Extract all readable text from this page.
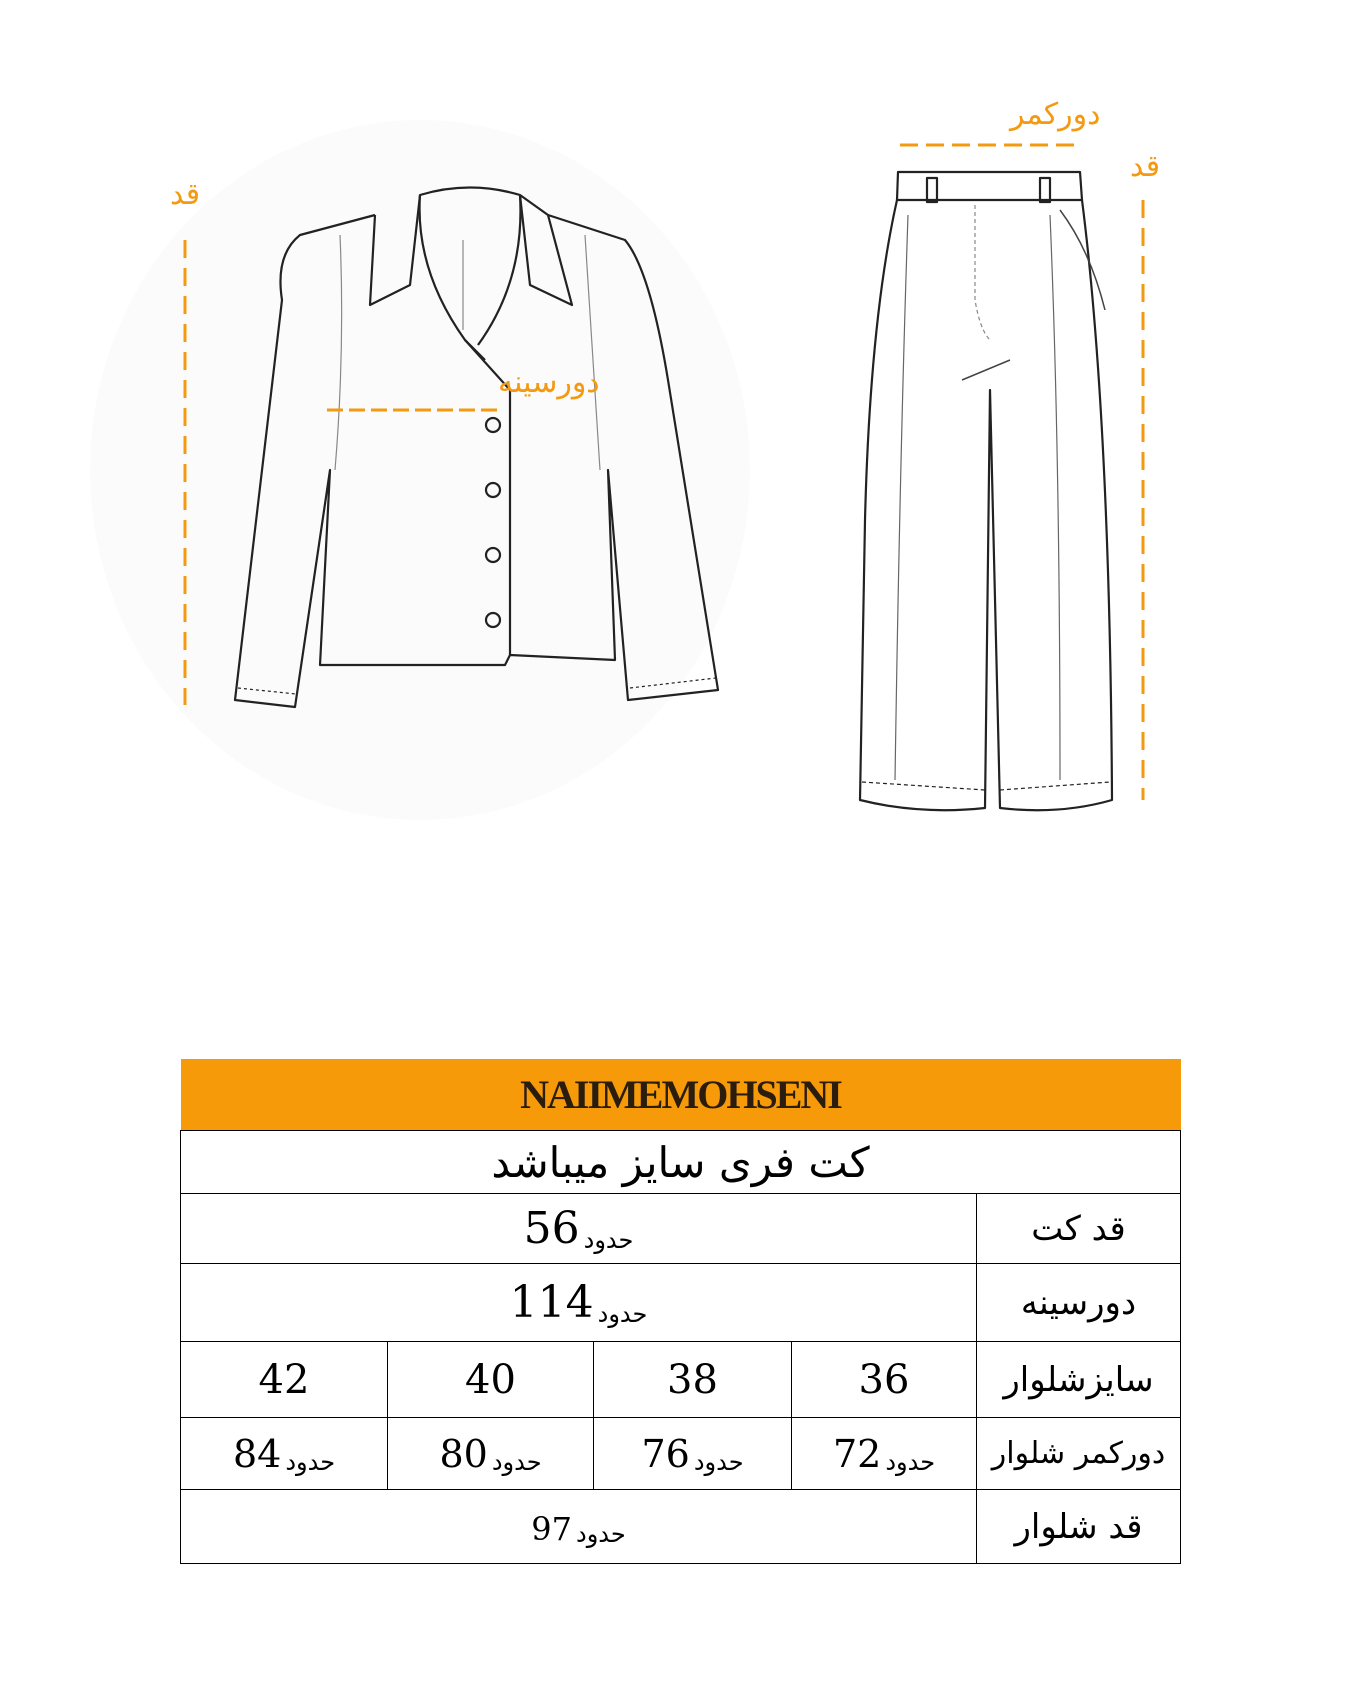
قد
دورسینه
دورکمر
قد
NAIIMEMOHSENI				
کت فری سایز میباشد				

56 حدود				قد کت

114 حدود				دورسینه
42	40	38	36	سایزشلوار

84 حدود	80 حدود	76 حدود	72 حدود	دورکمر شلوار

97 حدود				قد شلوار
